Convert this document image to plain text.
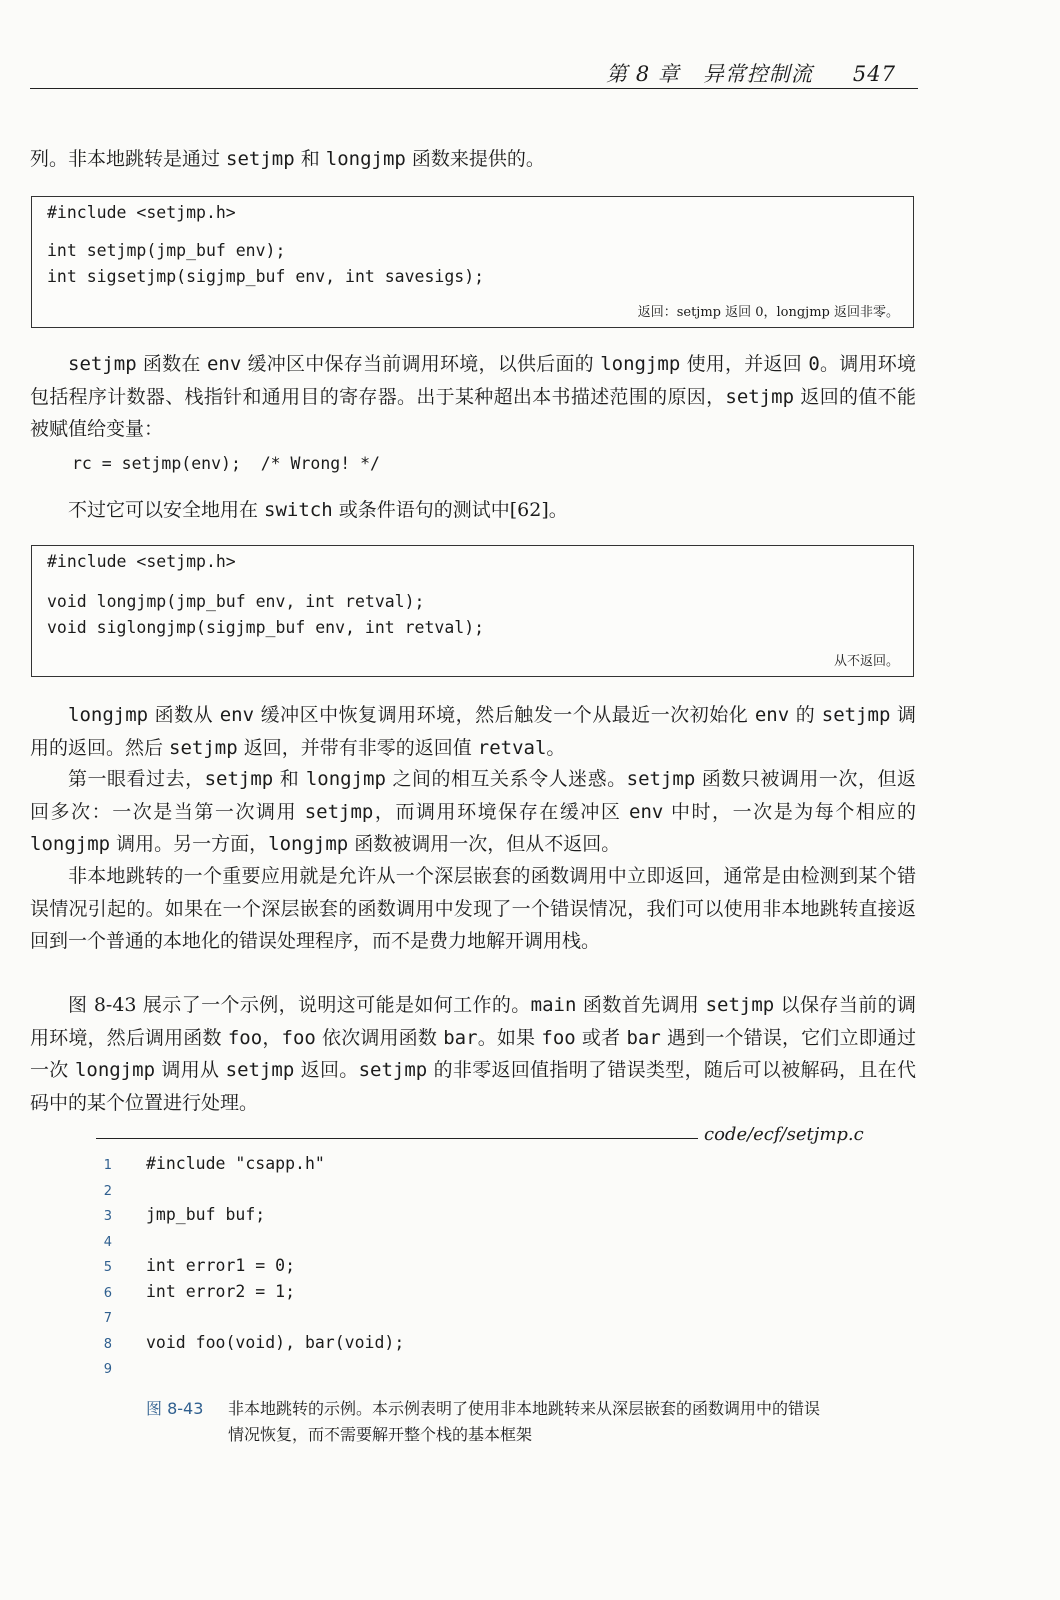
第 8 章 异常控制流 547

列。非本地跳转是通过 setjmp 和 longjmp 函数来提供的。

#include <setjmp.h>
int setjmp(jmp_buf env);
int sigsetjmp(sigjmp_buf env, int savesigs);
返回：setjmp 返回 0，longjmp 返回非零。

setjmp 函数在 env 缓冲区中保存当前调用环境，以供后面的 longjmp 使用，并返回 0。调用环境包括程序计数器、栈指针和通用目的寄存器。出于某种超出本书描述范围的原因，setjmp 返回的值不能被赋值给变量：

rc = setjmp(env);  /* Wrong! */

不过它可以安全地用在 switch 或条件语句的测试中[62]。

#include <setjmp.h>
void longjmp(jmp_buf env, int retval);
void siglongjmp(sigjmp_buf env, int retval);
从不返回。

longjmp 函数从 env 缓冲区中恢复调用环境，然后触发一个从最近一次初始化 env 的 setjmp 调用的返回。然后 setjmp 返回，并带有非零的返回值 retval。

第一眼看过去，setjmp 和 longjmp 之间的相互关系令人迷惑。setjmp 函数只被调用一次，但返回多次：一次是当第一次调用 setjmp，而调用环境保存在缓冲区 env 中时，一次是为每个相应的 longjmp 调用。另一方面，longjmp 函数被调用一次，但从不返回。

非本地跳转的一个重要应用就是允许从一个深层嵌套的函数调用中立即返回，通常是由检测到某个错误情况引起的。如果在一个深层嵌套的函数调用中发现了一个错误情况，我们可以使用非本地跳转直接返回到一个普通的本地化的错误处理程序，而不是费力地解开调用栈。

图 8-43 展示了一个示例，说明这可能是如何工作的。main 函数首先调用 setjmp 以保存当前的调用环境，然后调用函数 foo，foo 依次调用函数 bar。如果 foo 或者 bar 遇到一个错误，它们立即通过一次 longjmp 调用从 setjmp 返回。setjmp 的非零返回值指明了错误类型，随后可以被解码，且在代码中的某个位置进行处理。

code/ecf/setjmp.c
1 #include "csapp.h"
2
3 jmp_buf buf;
4
5 int error1 = 0;
6 int error2 = 1;
7
8 void foo(void), bar(void);
9
图 8-43 非本地跳转的示例。本示例表明了使用非本地跳转来从深层嵌套的函数调用中的错误情况恢复，而不需要解开整个栈的基本框架
